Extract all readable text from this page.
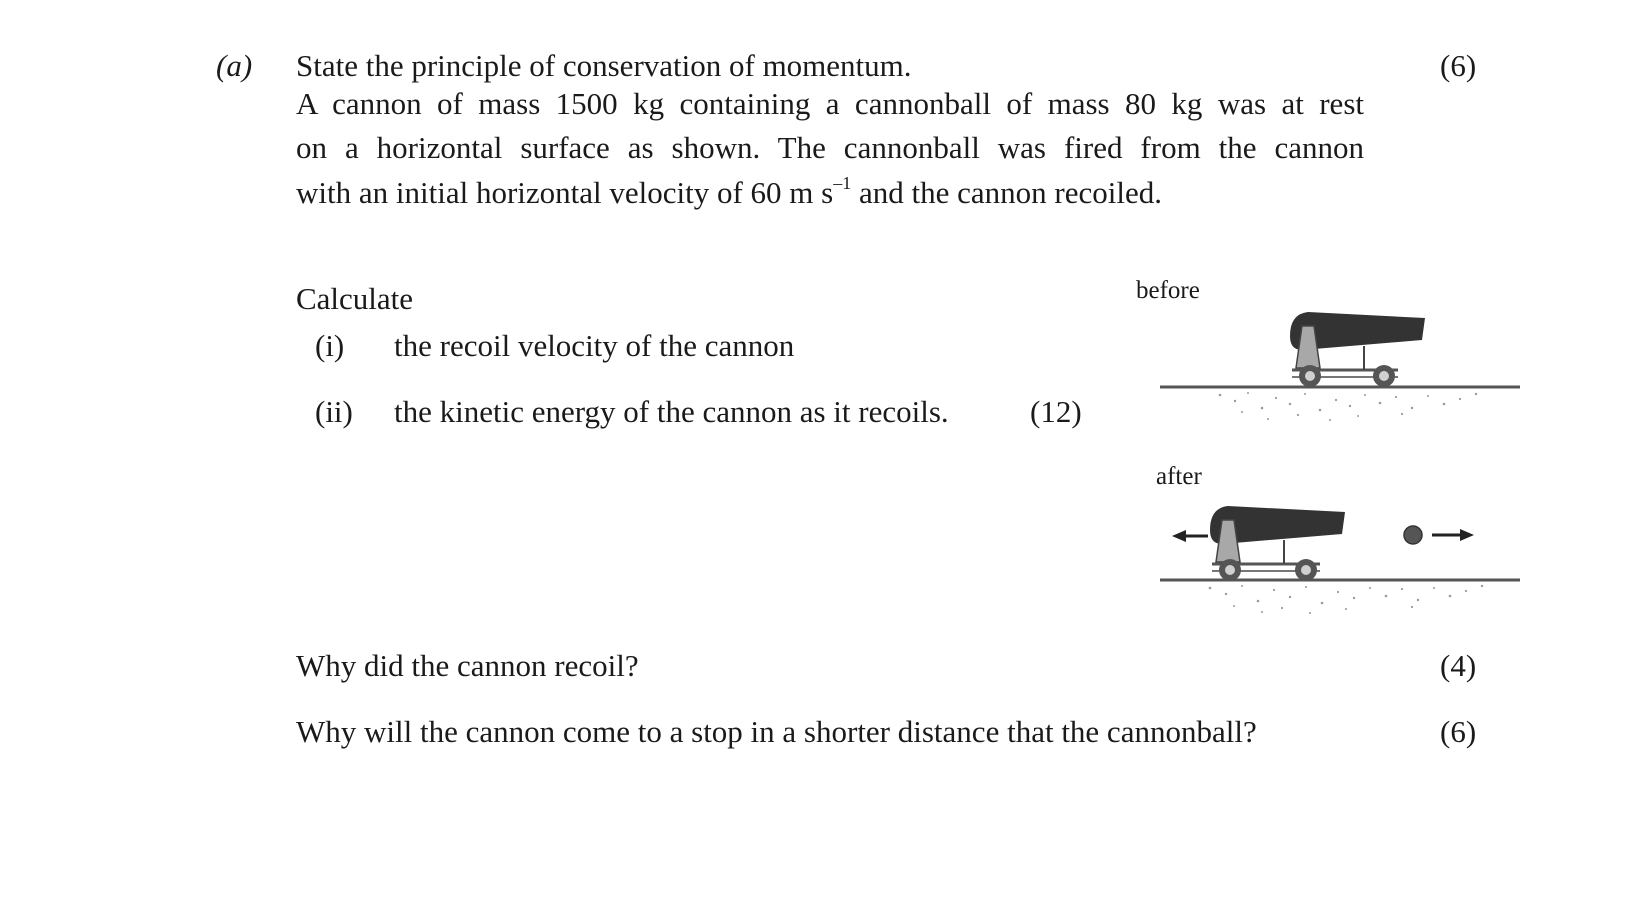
(a) State the principle of conservation of momentum.	(6)
A cannon of mass 1500 kg containing a cannonball of mass 80 kg was at rest
on a horizontal surface as shown. The cannonball was fired from the cannon
with an initial horizontal velocity of 60 m $s^{-1}$ and the cannon recoiled.
Calculate
(i) the recoil velocity of the cannon
(ii) the kinetic energy of the cannon as it recoils.	(12)
before
after
Why did the cannon recoil?	(4)
Why will the cannon come to a stop in a shorter distance that the cannonball?	(6)
